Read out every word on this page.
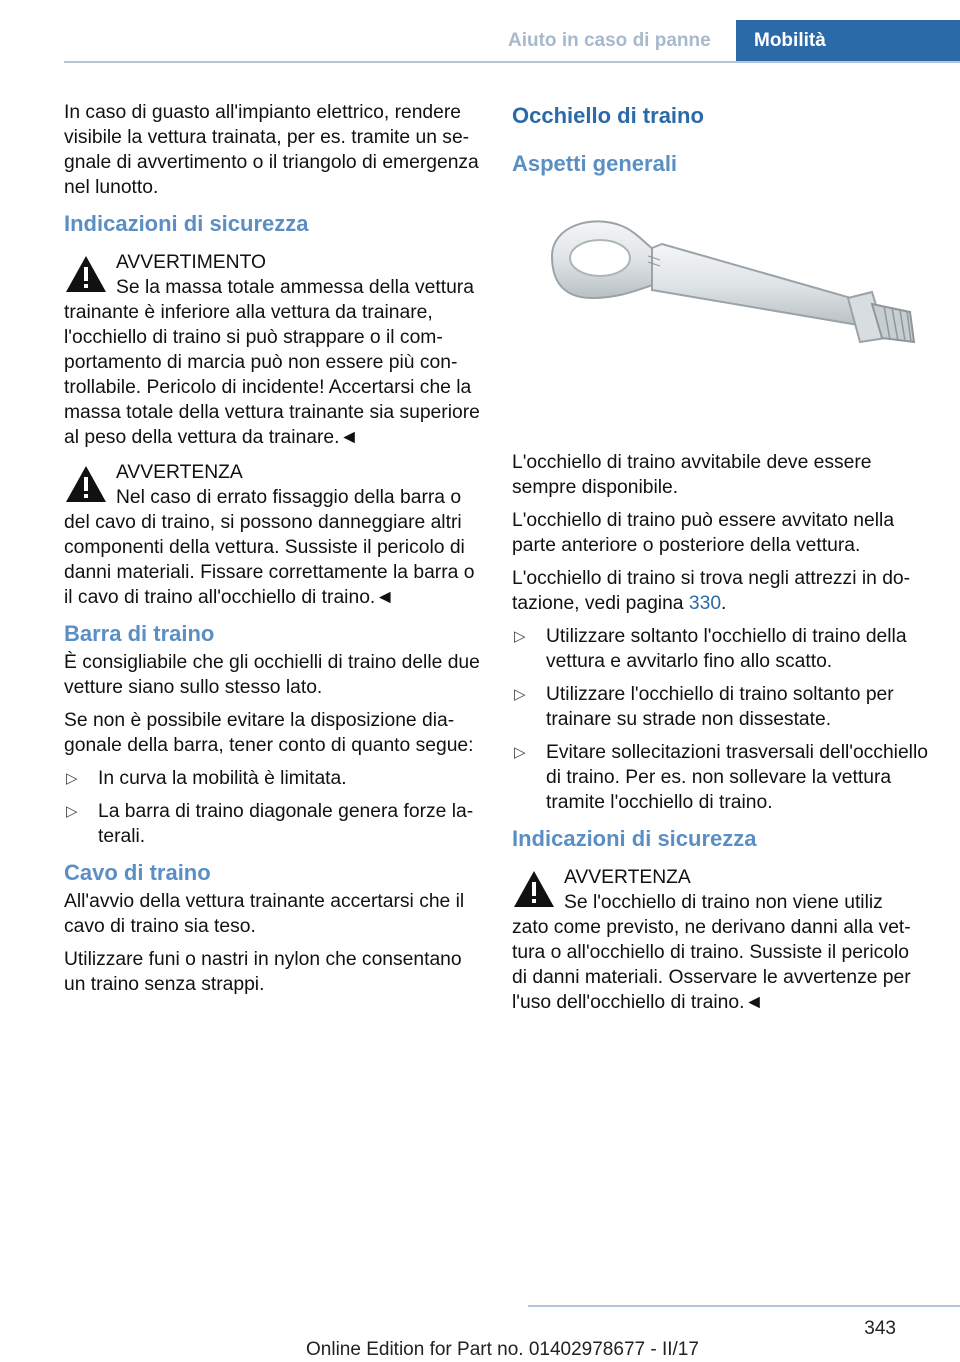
Aiuto in caso di panne Mobilità

In caso di guasto all'impianto elettrico, rendere visibile la vettura trainata, per es. tramite un segnale di avvertimento o il triangolo di emergenza nel lunotto.

Indicazioni di sicurezza
AVVERTIMENTO
Se la massa totale ammessa della vettura
trainante è inferiore alla vettura da trainare, l'occhiello di traino si può strappare o il comportamento di marcia può non essere più controllabile. Pericolo di incidente! Accertarsi che la massa totale della vettura trainante sia superiore al peso della vettura da trainare.◄
AVVERTENZA
Nel caso di errato fissaggio della barra o
del cavo di traino, si possono danneggiare altri componenti della vettura. Sussiste il pericolo di danni materiali. Fissare correttamente la barra o il cavo di traino all'occhiello di traino.◄
Barra di traino

È consigliabile che gli occhielli di traino delle due vetture siano sullo stesso lato.

Se non è possibile evitare la disposizione diagonale della barra, tener conto di quanto segue:

▷ In curva la mobilità è limitata.
▷ La barra di traino diagonale genera forze laterali.
Cavo di traino

All'avvio della vettura trainante accertarsi che il cavo di traino sia teso.

Utilizzare funi o nastri in nylon che consentano un traino senza strappi.

Occhiello di traino
Aspetti generali

L'occhiello di traino avvitabile deve essere sempre disponibile.

L'occhiello di traino può essere avvitato nella parte anteriore o posteriore della vettura.

L'occhiello di traino si trova negli attrezzi in dotazione, vedi pagina 330.

▷ Utilizzare soltanto l'occhiello di traino della vettura e avvitarlo fino allo scatto.
▷ Utilizzare l'occhiello di traino soltanto per trainare su strade non dissestate.
▷ Evitare sollecitazioni trasversali dell'occhiello di traino. Per es. non sollevare la vettura tramite l'occhiello di traino.
Indicazioni di sicurezza
AVVERTENZA
Se l'occhiello di traino non viene utiliz
zato come previsto, ne derivano danni alla vettura o all'occhiello di traino. Sussiste il pericolo di danni materiali. Osservare le avvertenze per l'uso dell'occhiello di traino.◄
343
Online Edition for Part no. 01402978677 - II/17
